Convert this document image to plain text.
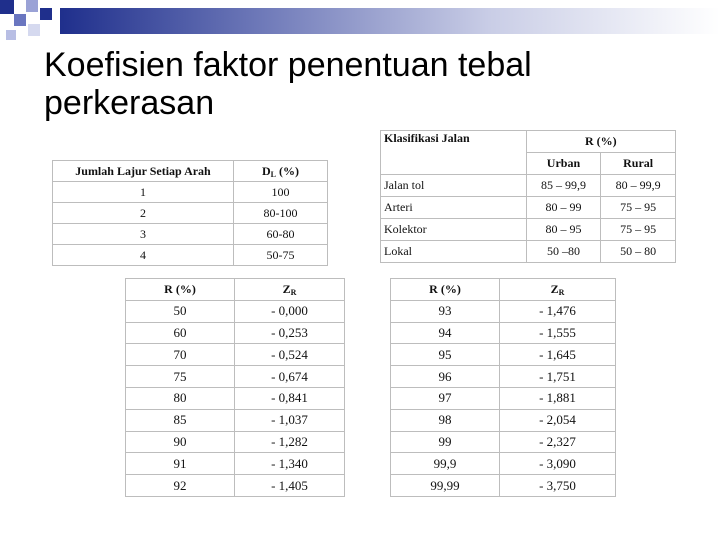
Koefisien faktor penentuan tebal
perkerasan
Jumlah Lajur Setiap Arah	$D_L$ (%)
1	100
2	80-100
3	60-80
4	50-75
Klasifikasi Jalan	R (%)	
	Urban	Rural
Jalan tol	85 – 99,9	80 – 99,9
Arteri	80 – 99	75 – 95
Kolektor	80 – 95	75 – 95
Lokal	50 –80	50 – 80
R (%)	$Z_R$
50	- 0,000
60	- 0,253
70	- 0,524
75	- 0,674
80	- 0,841
85	- 1,037
90	- 1,282
91	- 1,340
92	- 1,405
R (%)	$Z_R$
93	- 1,476
94	- 1,555
95	- 1,645
96	- 1,751
97	- 1,881
98	- 2,054
99	- 2,327
99,9	- 3,090
99,99	- 3,750
